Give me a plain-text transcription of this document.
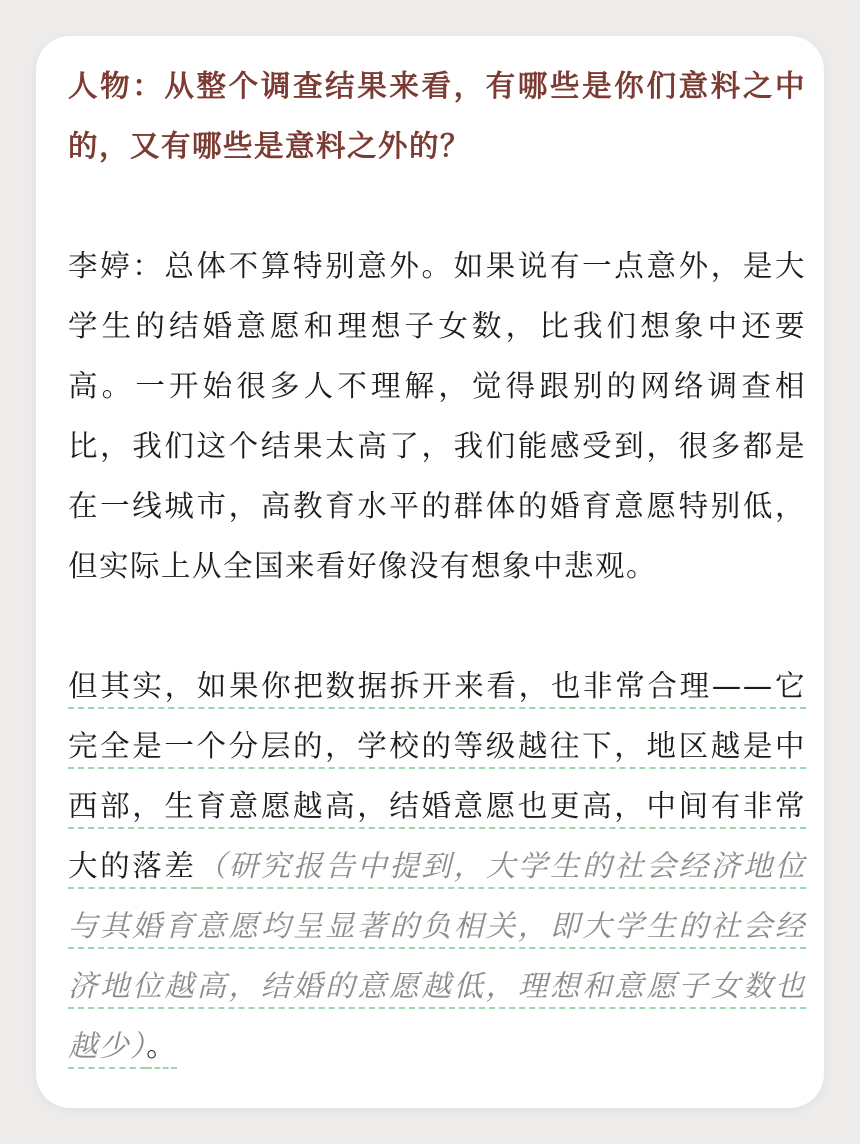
人物：从整个调查结果来看，有哪些是你们意料之中的，又有哪些是意料之外的？

李婷：总体不算特别意外。如果说有一点意外，是大学生的结婚意愿和理想子女数，比我们想象中还要高。一开始很多人不理解，觉得跟别的网络调查相比，我们这个结果太高了，我们能感受到，很多都是在一线城市，高教育水平的群体的婚育意愿特别低，但实际上从全国来看好像没有想象中悲观。

但其实，如果你把数据拆开来看，也非常合理——它完全是一个分层的，学校的等级越往下，地区越是中西部，生育意愿越高，结婚意愿也更高，中间有非常大的落差（研究报告中提到，大学生的社会经济地位与其婚育意愿均呈显著的负相关，即大学生的社会经济地位越高，结婚的意愿越低，理想和意愿子女数也越少）。
